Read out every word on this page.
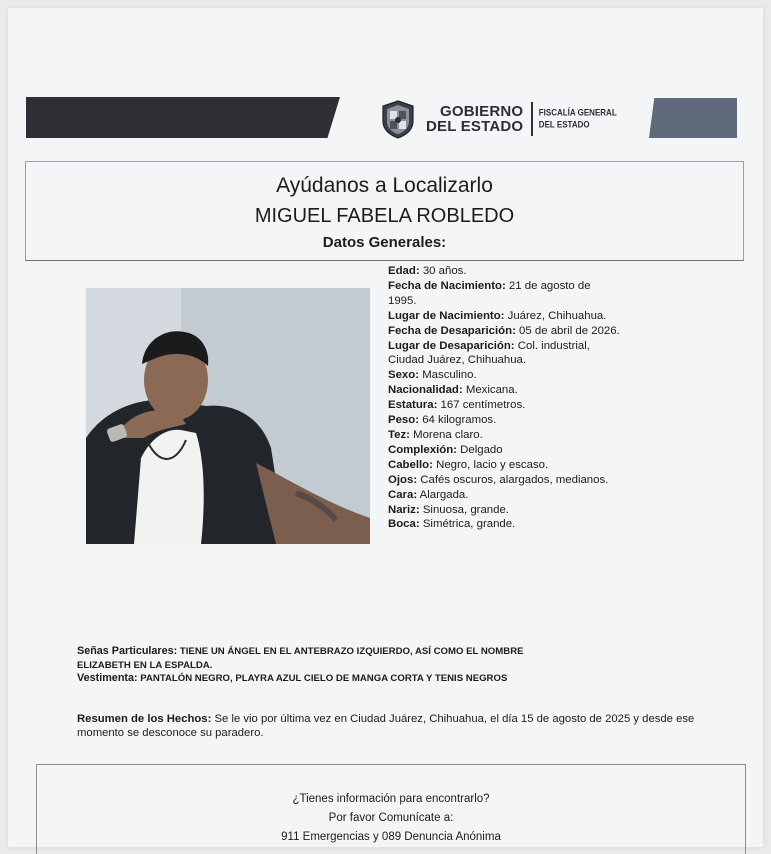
GOBIERNO
DEL ESTADO
FISCALÍA GENERAL
DEL ESTADO
Ayúdanos a Localizarlo
MIGUEL FABELA ROBLEDO
Datos Generales:
Edad: 30 años.
Fecha de Nacimiento: 21 de agosto de
1995.
Lugar de Nacimiento: Juárez, Chihuahua.
Fecha de Desaparición: 05 de abril de 2026.
Lugar de Desaparición: Col. industrial,
Ciudad Juárez, Chihuahua.
Sexo: Masculino.
Nacionalidad: Mexicana.
Estatura: 167 centímetros.
Peso: 64 kilogramos.
Tez: Morena claro.
Complexión: Delgado
Cabello: Negro, lacio y escaso.
Ojos: Cafés oscuros, alargados, medianos.
Cara: Alargada.
Nariz: Sinuosa, grande.
Boca: Simétrica, grande.
Señas Particulares: TIENE UN ÁNGEL EN EL ANTEBRAZO IZQUIERDO, ASÍ COMO EL NOMBRE
ELIZABETH EN LA ESPALDA.
Vestimenta: PANTALÓN NEGRO, PLAYRA AZUL CIELO DE MANGA CORTA Y TENIS NEGROS
Resumen de los Hechos: Se le vio por última vez en Ciudad Juárez, Chihuahua, el día 15 de agosto de 2025 y desde ese momento se desconoce su paradero.
¿Tienes información para encontrarlo?
Por favor Comunícate a:
911 Emergencias y 089 Denuncia Anónima
